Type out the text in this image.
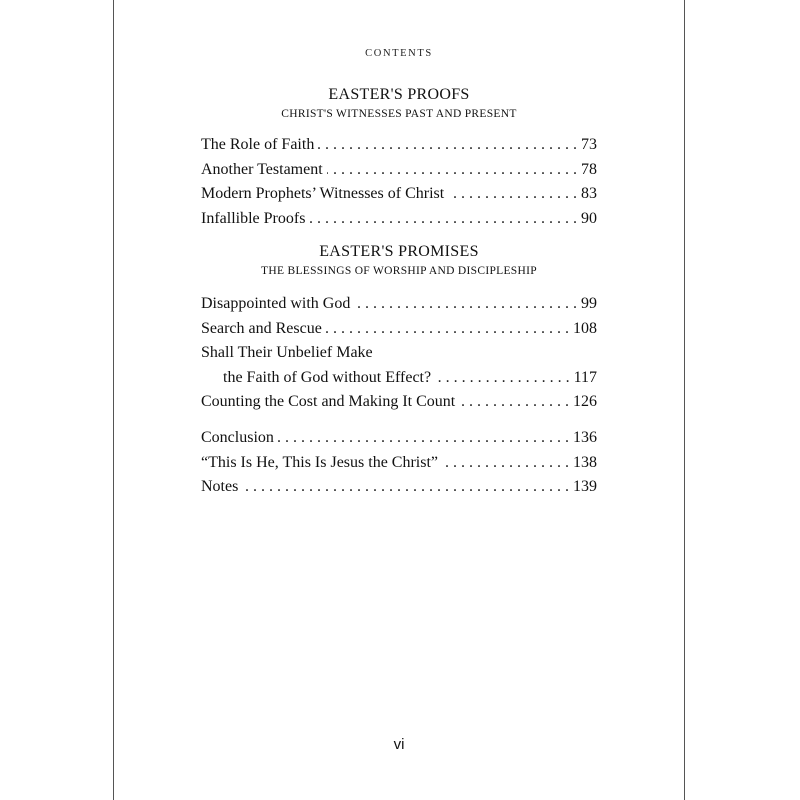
CONTENTS
EASTER'S PROOFS
CHRIST'S WITNESSES PAST AND PRESENT
The Role of Faith . . .	73
Another Testament . . .	78
Modern Prophets’ Witnesses of Christ . . .	83
Infallible Proofs . . .	90
EASTER'S PROMISES
THE BLESSINGS OF WORSHIP AND DISCIPLESHIP
Disappointed with God . . .	99
Search and Rescue . . .	108
Shall Their Unbelief Make
the Faith of God without Effect? . . .	117
Counting the Cost and Making It Count . . .	126
Conclusion . . .	136
“This Is He, This Is Jesus the Christ” . . .	138
Notes . . .	139
vi
